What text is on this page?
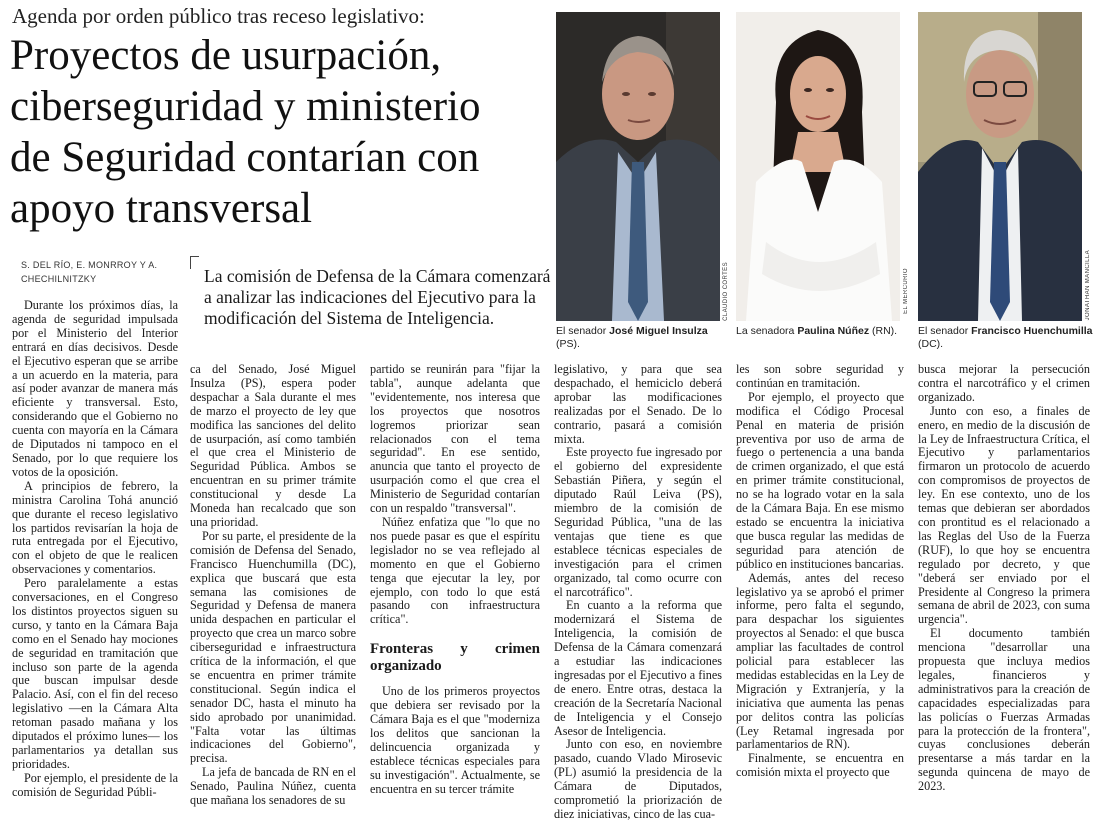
Agenda por orden público tras receso legislativo:
Proyectos de usurpación,
ciberseguridad y ministerio
de Seguridad contarían con
apoyo transversal
S. DEL RÍO, E. MONRROY Y A. CHECHILNITZKY	La comisión de Defensa de la Cámara comenzará a analizar las indicaciones del Ejecutivo para la modificación del Sistema de Inteligencia.	CLAUDIO CORTÉS	EL MERCURIO	JONATHAN MANCILLA
El senador José Miguel Insulza (PS).
La senadora Paulina Núñez (RN).	El senador Francisco Huenchumilla (DC).

Durante los próximos días, la agenda de seguridad impulsada por el Ministerio del Interior entrará en días decisivos. Desde el Ejecutivo esperan que se arribe a un acuerdo en la materia, para así poder avanzar de manera más eficiente y transversal. Esto, considerando que el Gobierno no cuenta con mayoría en la Cámara de Diputados ni tampoco en el Senado, por lo que requiere los votos de la oposición.

A principios de febrero, la ministra Carolina Tohá anunció que durante el receso legislativo los partidos revisarían la hoja de ruta entregada por el Ejecutivo, con el objeto de que le realicen observaciones y comentarios.

Pero paralelamente a estas conversaciones, en el Congreso los distintos proyectos siguen su curso, y tanto en la Cámara Baja como en el Senado hay mociones de seguridad en tramitación que incluso son parte de la agenda que buscan impulsar desde Palacio. Así, con el fin del receso legislativo —en la Cámara Alta retoman pasado mañana y los diputados el próximo lunes— los parlamentarios ya detallan sus prioridades.

Por ejemplo, el presidente de la comisión de Seguridad Públi-

ca del Senado, José Miguel Insulza (PS), espera poder despachar a Sala durante el mes de marzo el proyecto de ley que modifica las sanciones del delito de usurpación, así como también el que crea el Ministerio de Seguridad Pública. Ambos se encuentran en su primer trámite constitucional y desde La Moneda han recalcado que son una prioridad.

Por su parte, el presidente de la comisión de Defensa del Senado, Francisco Huenchumilla (DC), explica que buscará que esta semana las comisiones de Seguridad y Defensa de manera unida despachen en particular el proyecto que crea un marco sobre ciberseguridad e infraestructura crítica de la información, el que se encuentra en primer trámite constitucional. Según indica el senador DC, hasta el minuto ha sido aprobado por unanimidad. "Falta votar las últimas indicaciones del Gobierno", precisa.

La jefa de bancada de RN en el Senado, Paulina Núñez, cuenta que mañana los senadores de su

partido se reunirán para "fijar la tabla", aunque adelanta que "evidentemente, nos interesa que los proyectos que nosotros logremos priorizar sean relacionados con el tema seguridad". En ese sentido, anuncia que tanto el proyecto de usurpación como el que crea el Ministerio de Seguridad contarían con un respaldo "transversal".

Núñez enfatiza que "lo que no nos puede pasar es que el espíritu legislador no se vea reflejado al momento en que el Gobierno tenga que ejecutar la ley, por ejemplo, con todo lo que está pasando con infraestructura crítica".

Fronteras y crimen organizado

Uno de los primeros proyectos que debiera ser revisado por la Cámara Baja es el que "moderniza los delitos que sancionan la delincuencia organizada y establece técnicas especiales para su investigación". Actualmente, se encuentra en su tercer trámite

legislativo, y para que sea despachado, el hemiciclo deberá aprobar las modificaciones realizadas por el Senado. De lo contrario, pasará a comisión mixta.

Este proyecto fue ingresado por el gobierno del expresidente Sebastián Piñera, y según el diputado Raúl Leiva (PS), miembro de la comisión de Seguridad Pública, "una de las ventajas que tiene es que establece técnicas especiales de investigación para el crimen organizado, tal como ocurre con el narcotráfico".

En cuanto a la reforma que modernizará el Sistema de Inteligencia, la comisión de Defensa de la Cámara comenzará a estudiar las indicaciones ingresadas por el Ejecutivo a fines de enero. Entre otras, destaca la creación de la Secretaría Nacional de Inteligencia y el Consejo Asesor de Inteligencia.

Junto con eso, en noviembre pasado, cuando Vlado Mirosevic (PL) asumió la presidencia de la Cámara de Diputados, comprometió la priorización de diez iniciativas, cinco de las cua-

les son sobre seguridad y continúan en tramitación.

Por ejemplo, el proyecto que modifica el Código Procesal Penal en materia de prisión preventiva por uso de arma de fuego o pertenencia a una banda de crimen organizado, el que está en primer trámite constitucional, no se ha logrado votar en la sala de la Cámara Baja. En ese mismo estado se encuentra la iniciativa que busca regular las medidas de seguridad para atención de público en instituciones bancarias.

Además, antes del receso legislativo ya se aprobó el primer informe, pero falta el segundo, para despachar los siguientes proyectos al Senado: el que busca ampliar las facultades de control policial para establecer las medidas establecidas en la Ley de Migración y Extranjería, y la iniciativa que aumenta las penas por delitos contra las policías (Ley Retamal ingresada por parlamentarios de RN).

Finalmente, se encuentra en comisión mixta el proyecto que

busca mejorar la persecución contra el narcotráfico y el crimen organizado.

Junto con eso, a finales de enero, en medio de la discusión de la Ley de Infraestructura Crítica, el Ejecutivo y parlamentarios firmaron un protocolo de acuerdo con compromisos de proyectos de ley. En ese contexto, uno de los temas que debieran ser abordados con prontitud es el relacionado a las Reglas del Uso de la Fuerza (RUF), lo que hoy se encuentra regulado por decreto, y que "deberá ser enviado por el Presidente al Congreso la primera semana de abril de 2023, con suma urgencia".

El documento también menciona "desarrollar una propuesta que incluya medios legales, financieros y administrativos para la creación de capacidades especializadas para las policías o Fuerzas Armadas para la protección de la frontera", cuyas conclusiones deberán presentarse a más tardar en la segunda quincena de mayo de 2023.
